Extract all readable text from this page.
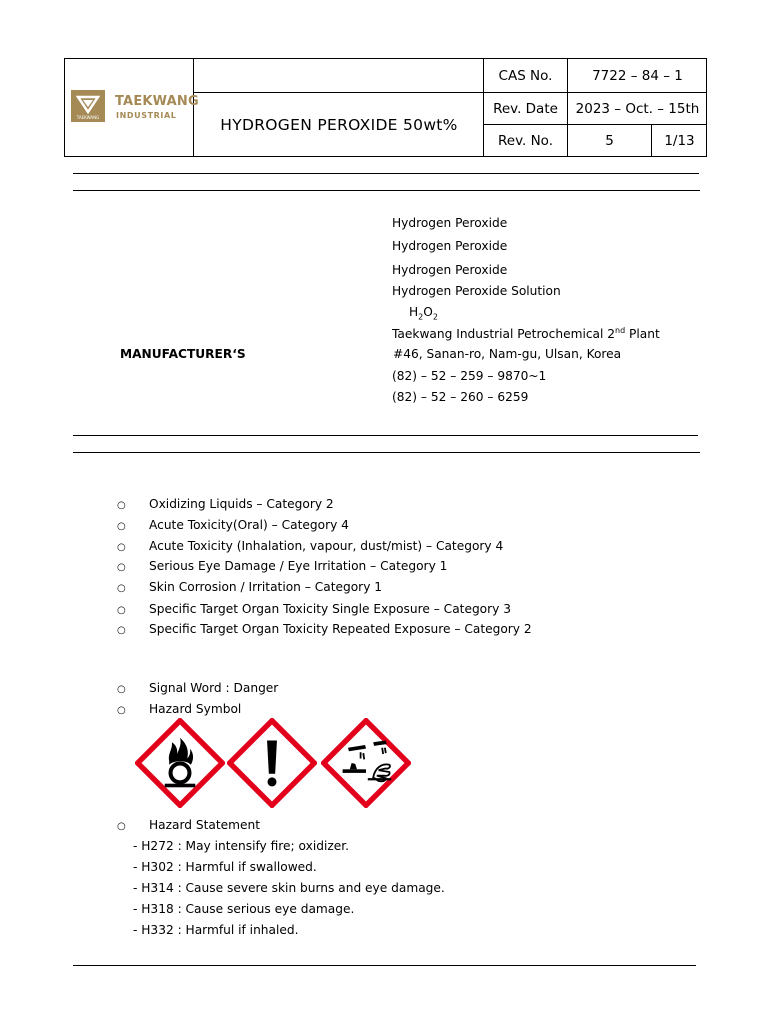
TAEKWANG
TAEKWANG
INDUSTRIAL	HYDROGEN PEROXIDE 50wt%
CAS No.	7722 – 84 – 1
Rev. Date	2023 – Oct. – 15th
Rev. No.	5	1/13
Hydrogen Peroxide
Hydrogen Peroxide
Hydrogen Peroxide
Hydrogen Peroxide Solution
$H_2O_2$
Taekwang Industrial Petrochemical 2nd Plant
MANUFACTURER‘S	#46, Sanan-ro, Nam-gu, Ulsan, Korea
(82) – 52 – 259 – 9870~1
(82) – 52 – 260 – 6259
○ Oxidizing Liquids – Category 2
○ Acute Toxicity(Oral) – Category 4
○ Acute Toxicity (Inhalation, vapour, dust/mist) – Category 4
○ Serious Eye Damage / Eye Irritation – Category 1
○ Skin Corrosion / Irritation – Category 1
○ Specific Target Organ Toxicity Single Exposure – Category 3
○ Specific Target Organ Toxicity Repeated Exposure – Category 2
○ Signal Word : Danger
○ Hazard Symbol
○ Hazard Statement
- H272 : May intensify fire; oxidizer.
- H302 : Harmful if swallowed.
- H314 : Cause severe skin burns and eye damage.
- H318 : Cause serious eye damage.
- H332 : Harmful if inhaled.
